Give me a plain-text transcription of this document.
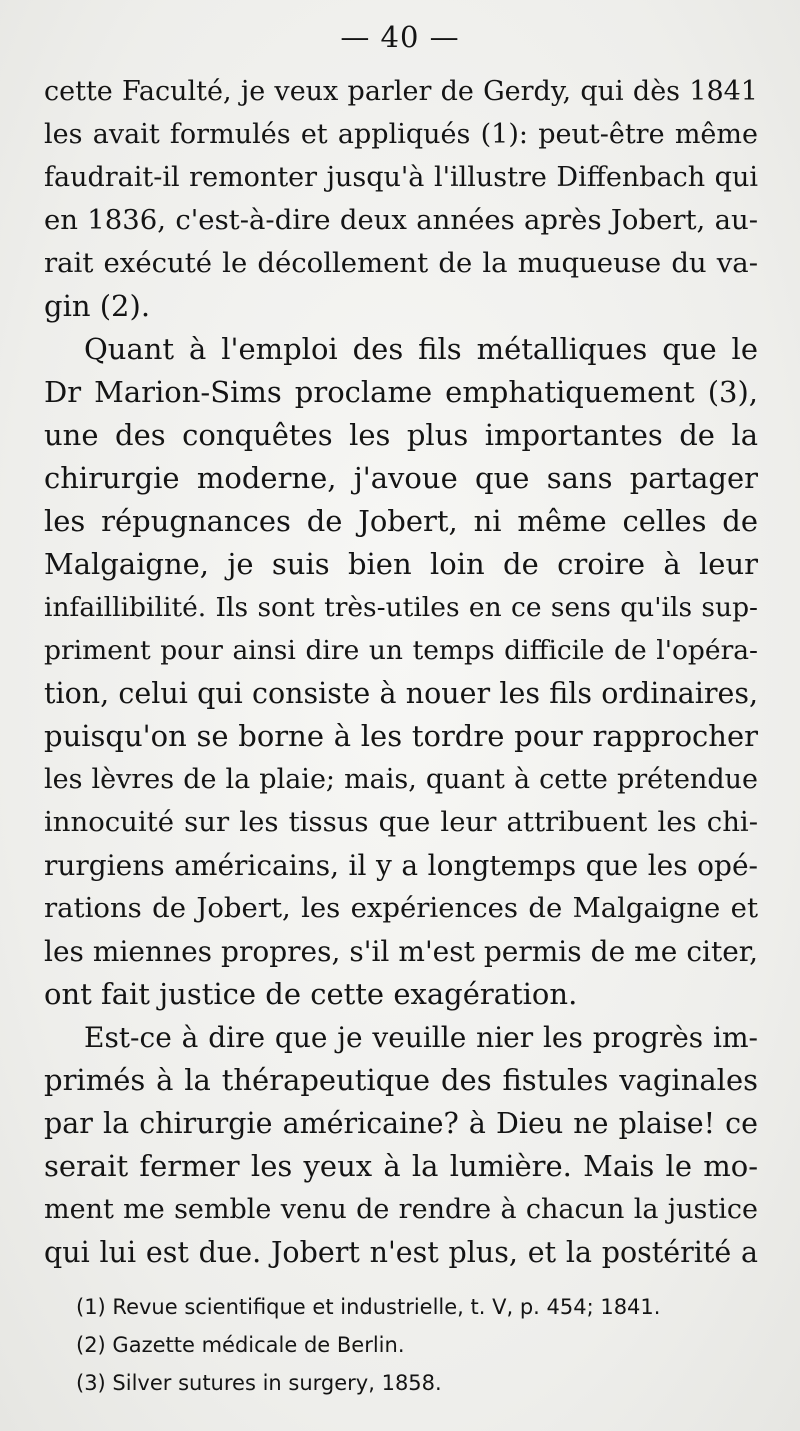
— 40 —
cette Faculté, je veux parler de Gerdy, qui dès 1841
les avait formulés et appliqués (1): peut-être même
faudrait-il remonter jusqu'à l'illustre Diffenbach qui
en 1836, c'est-à-dire deux années après Jobert, au-
rait exécuté le décollement de la muqueuse du va-
gin (2).
Quant à l'emploi des fils métalliques que le
Dr Marion-Sims proclame emphatiquement (3),
une des conquêtes les plus importantes de la
chirurgie moderne, j'avoue que sans partager
les répugnances de Jobert, ni même celles de
Malgaigne, je suis bien loin de croire à leur
infaillibilité. Ils sont très-utiles en ce sens qu'ils sup-
priment pour ainsi dire un temps difficile de l'opéra-
tion, celui qui consiste à nouer les fils ordinaires,
puisqu'on se borne à les tordre pour rapprocher
les lèvres de la plaie; mais, quant à cette prétendue
innocuité sur les tissus que leur attribuent les chi-
rurgiens américains, il y a longtemps que les opé-
rations de Jobert, les expériences de Malgaigne et
les miennes propres, s'il m'est permis de me citer,
ont fait justice de cette exagération.
Est-ce à dire que je veuille nier les progrès im-
primés à la thérapeutique des fistules vaginales
par la chirurgie américaine? à Dieu ne plaise! ce
serait fermer les yeux à la lumière. Mais le mo-
ment me semble venu de rendre à chacun la justice
qui lui est due. Jobert n'est plus, et la postérité a
(1) Revue scientifique et industrielle, t. V, p. 454; 1841.
(2) Gazette médicale de Berlin.
(3) Silver sutures in surgery, 1858.
